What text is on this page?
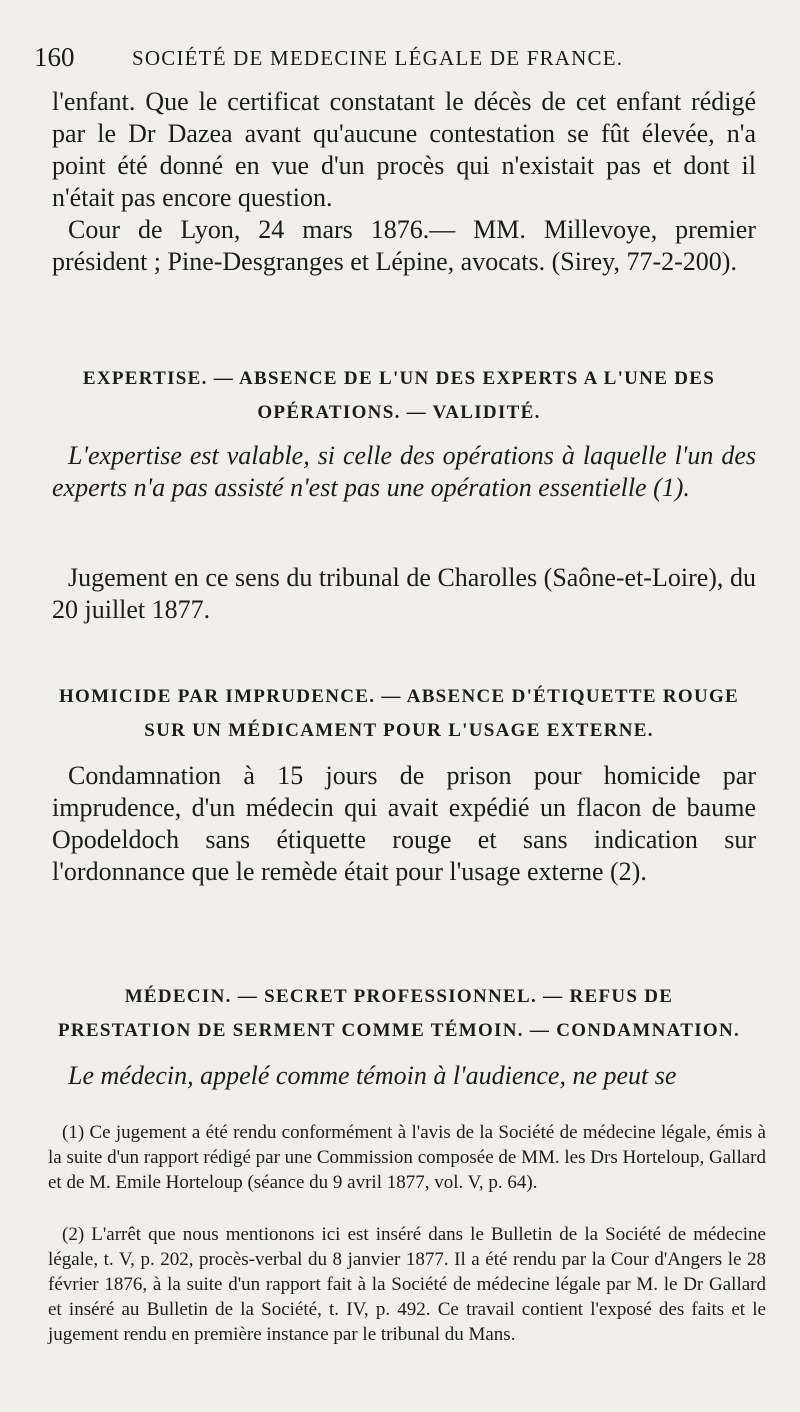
160	SOCIÉTÉ DE MEDECINE LÉGALE DE FRANCE.

l'enfant. Que le certificat constatant le décès de cet enfant rédigé par le Dr Dazea avant qu'aucune contestation se fût élevée, n'a point été donné en vue d'un procès qui n'existait pas et dont il n'était pas encore question.

Cour de Lyon, 24 mars 1876.— MM. Millevoye, premier président ; Pine-Desgranges et Lépine, avocats. (Sirey, 77-2-200).

EXPERTISE. — ABSENCE DE L'UN DES EXPERTS A L'UNE DES OPÉRATIONS. — VALIDITÉ.

L'expertise est valable, si celle des opérations à laquelle l'un des experts n'a pas assisté n'est pas une opération essentielle (1).

Jugement en ce sens du tribunal de Charolles (Saône-et-Loire), du 20 juillet 1877.

HOMICIDE PAR IMPRUDENCE. — ABSENCE D'ÉTIQUETTE ROUGE SUR UN MÉDICAMENT POUR L'USAGE EXTERNE.

Condamnation à 15 jours de prison pour homicide par imprudence, d'un médecin qui avait expédié un flacon de baume Opodeldoch sans étiquette rouge et sans indication sur l'ordonnance que le remède était pour l'usage externe (2).

MÉDECIN. — SECRET PROFESSIONNEL. — REFUS DE PRESTATION DE SERMENT COMME TÉMOIN. — CONDAMNATION.

Le médecin, appelé comme témoin à l'audience, ne peut se

(1) Ce jugement a été rendu conformément à l'avis de la Société de médecine légale, émis à la suite d'un rapport rédigé par une Commission composée de MM. les Drs Horteloup, Gallard et de M. Emile Horteloup (séance du 9 avril 1877, vol. V, p. 64).

(2) L'arrêt que nous mentionons ici est inséré dans le Bulletin de la Société de médecine légale, t. V, p. 202, procès-verbal du 8 janvier 1877. Il a été rendu par la Cour d'Angers le 28 février 1876, à la suite d'un rapport fait à la Société de médecine légale par M. le Dr Gallard et inséré au Bulletin de la Société, t. IV, p. 492. Ce travail contient l'exposé des faits et le jugement rendu en première instance par le tribunal du Mans.
